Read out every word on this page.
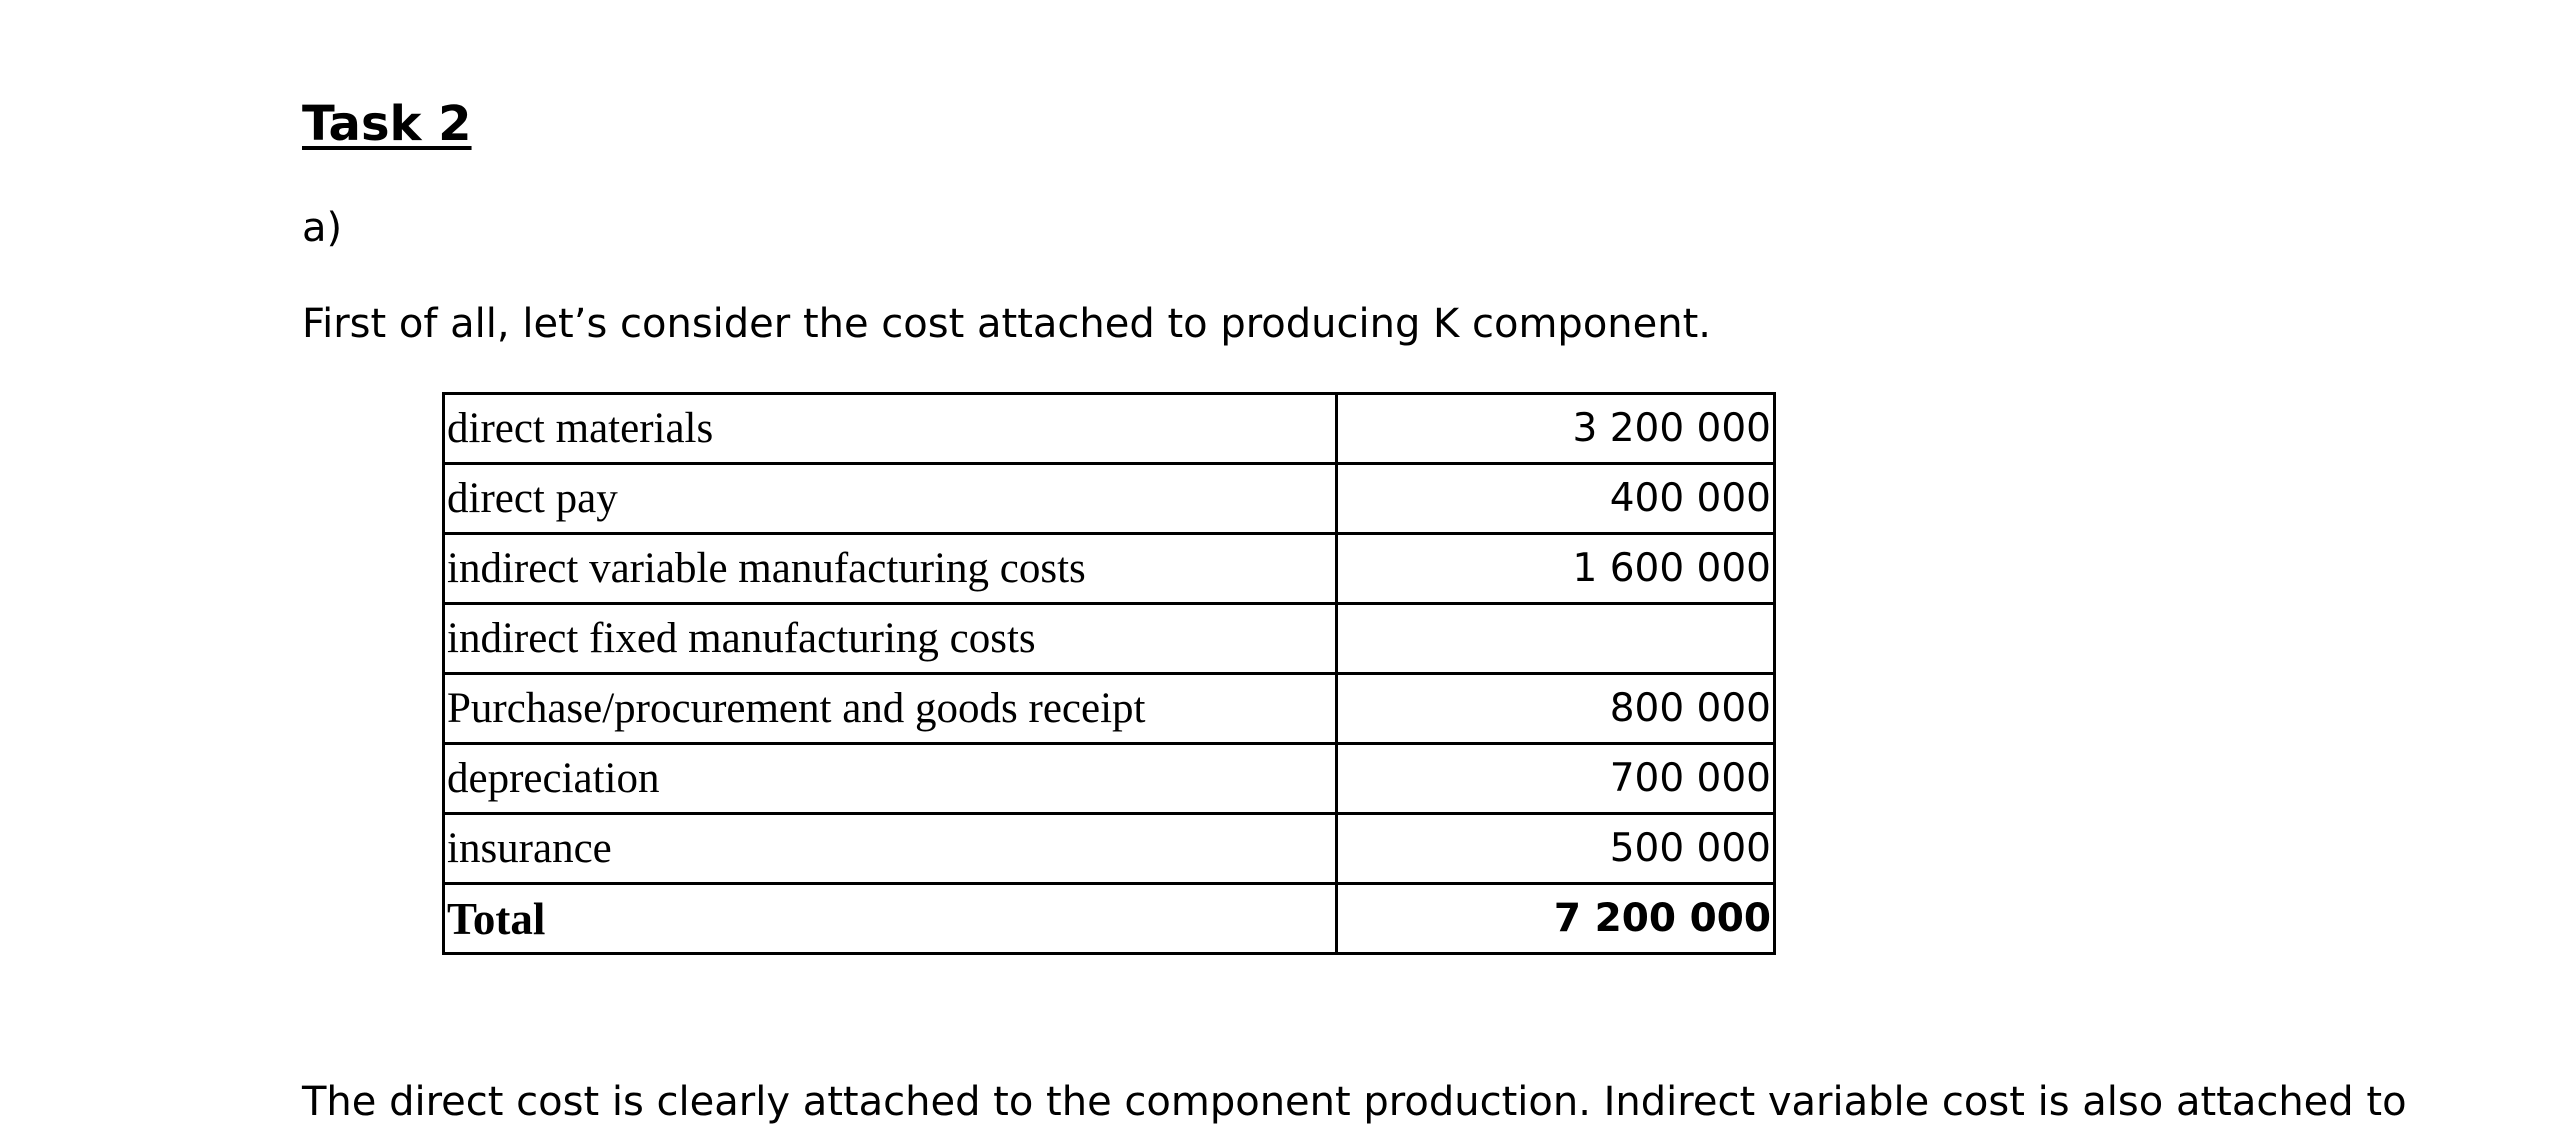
Task 2

a)

First of all, let’s consider the cost attached to producing K component.

direct materials	3 200 000
direct pay	400 000
indirect variable manufacturing costs	1 600 000
indirect fixed manufacturing costs	
Purchase/procurement and goods receipt	800 000
depreciation	700 000
insurance	500 000
Total	7 200 000

The direct cost is clearly attached to the component production. Indirect variable cost is also attached to
